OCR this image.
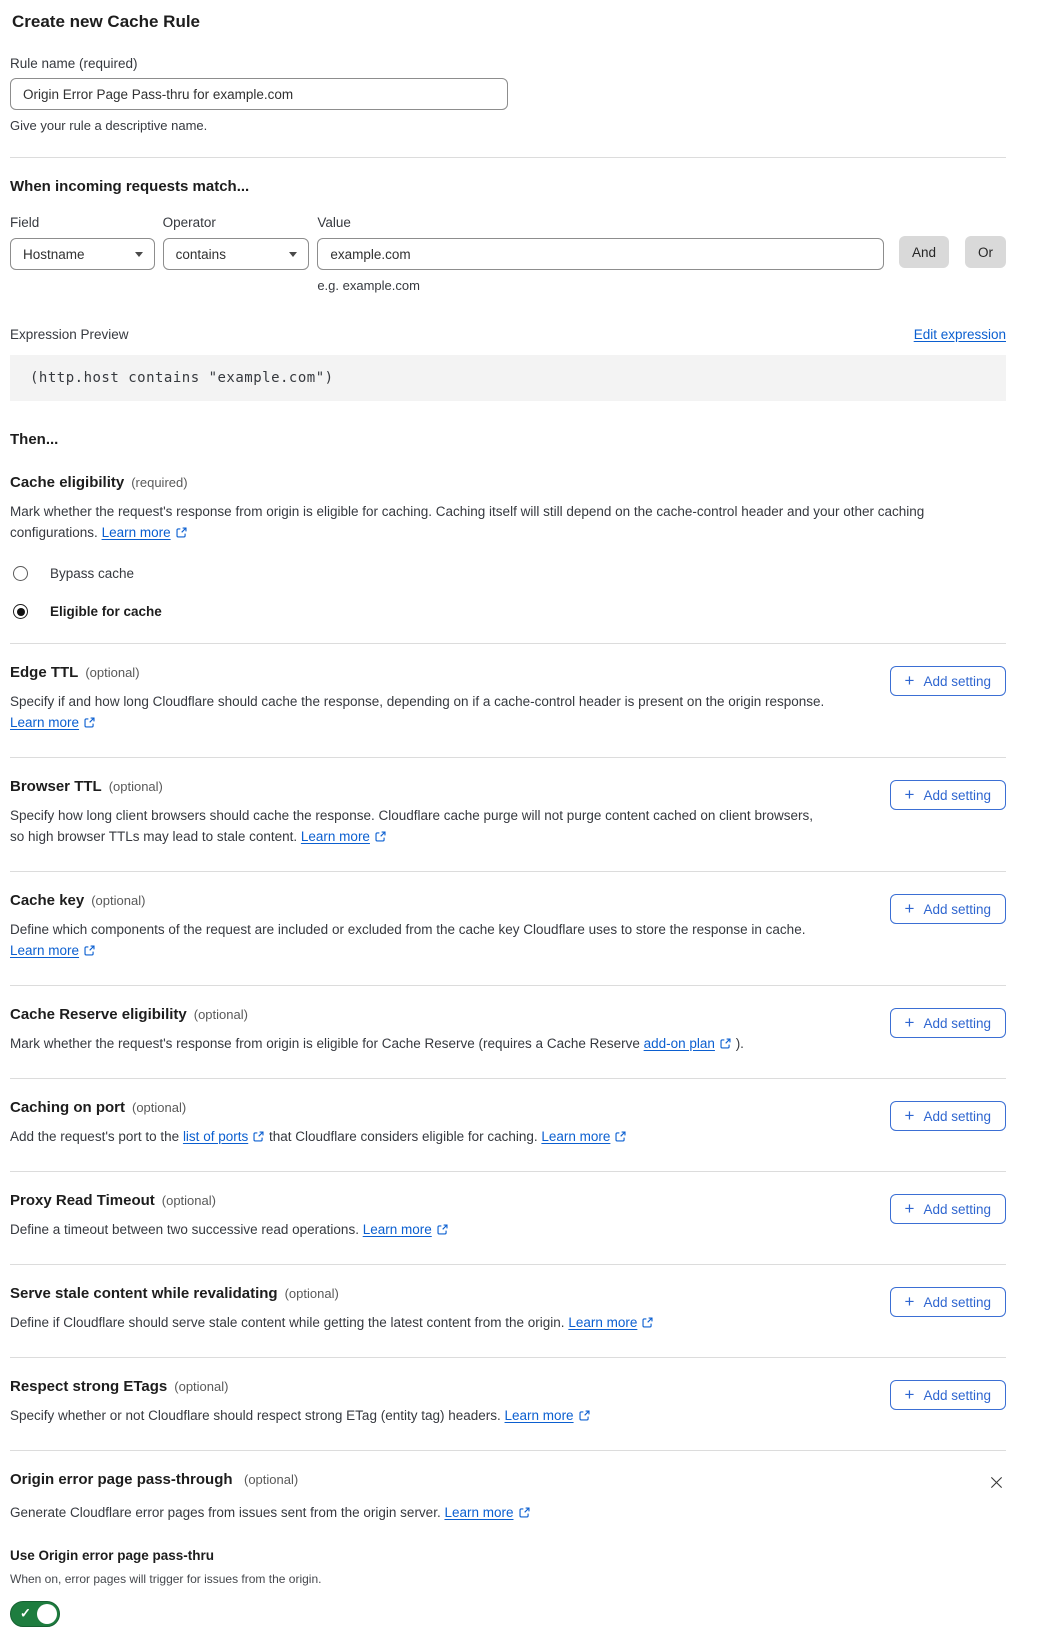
Create new Cache Rule
Rule name (required)
Origin Error Page Pass-thru for example.com
Give your rule a descriptive name.
When incoming requests match...
Field
Hostname
Operator
contains
Value
example.com
e.g. example.com
And	Or
Expression Preview	Edit expression
(http.host contains "example.com")
Then...
Cache eligibility (required)

Mark whether the request's response from origin is eligible for caching. Caching itself will still depend on the cache-control header and your other caching configurations. Learn more

Bypass cache
Eligible for cache
Edge TTL (optional)

Specify if and how long Cloudflare should cache the response, depending on if a cache-control header is present on the origin response. Learn more

+ Add setting
Browser TTL (optional)

Specify how long client browsers should cache the response. Cloudflare cache purge will not purge content cached on client browsers, so high browser TTLs may lead to stale content. Learn more

+ Add setting
Cache key (optional)

Define which components of the request are included or excluded from the cache key Cloudflare uses to store the response in cache. Learn more

+ Add setting
Cache Reserve eligibility (optional)

Mark whether the request's response from origin is eligible for Cache Reserve (requires a Cache Reserve add-on plan ).

+ Add setting
Caching on port (optional)

Add the request's port to the list of ports that Cloudflare considers eligible for caching. Learn more

+ Add setting
Proxy Read Timeout (optional)

Define a timeout between two successive read operations. Learn more

+ Add setting
Serve stale content while revalidating (optional)

Define if Cloudflare should serve stale content while getting the latest content from the origin. Learn more

+ Add setting
Respect strong ETags (optional)

Specify whether or not Cloudflare should respect strong ETag (entity tag) headers. Learn more

+ Add setting
Origin error page pass-through (optional)

Generate Cloudflare error pages from issues sent from the origin server. Learn more

Use Origin error page pass-thru
When on, error pages will trigger for issues from the origin.
✓
